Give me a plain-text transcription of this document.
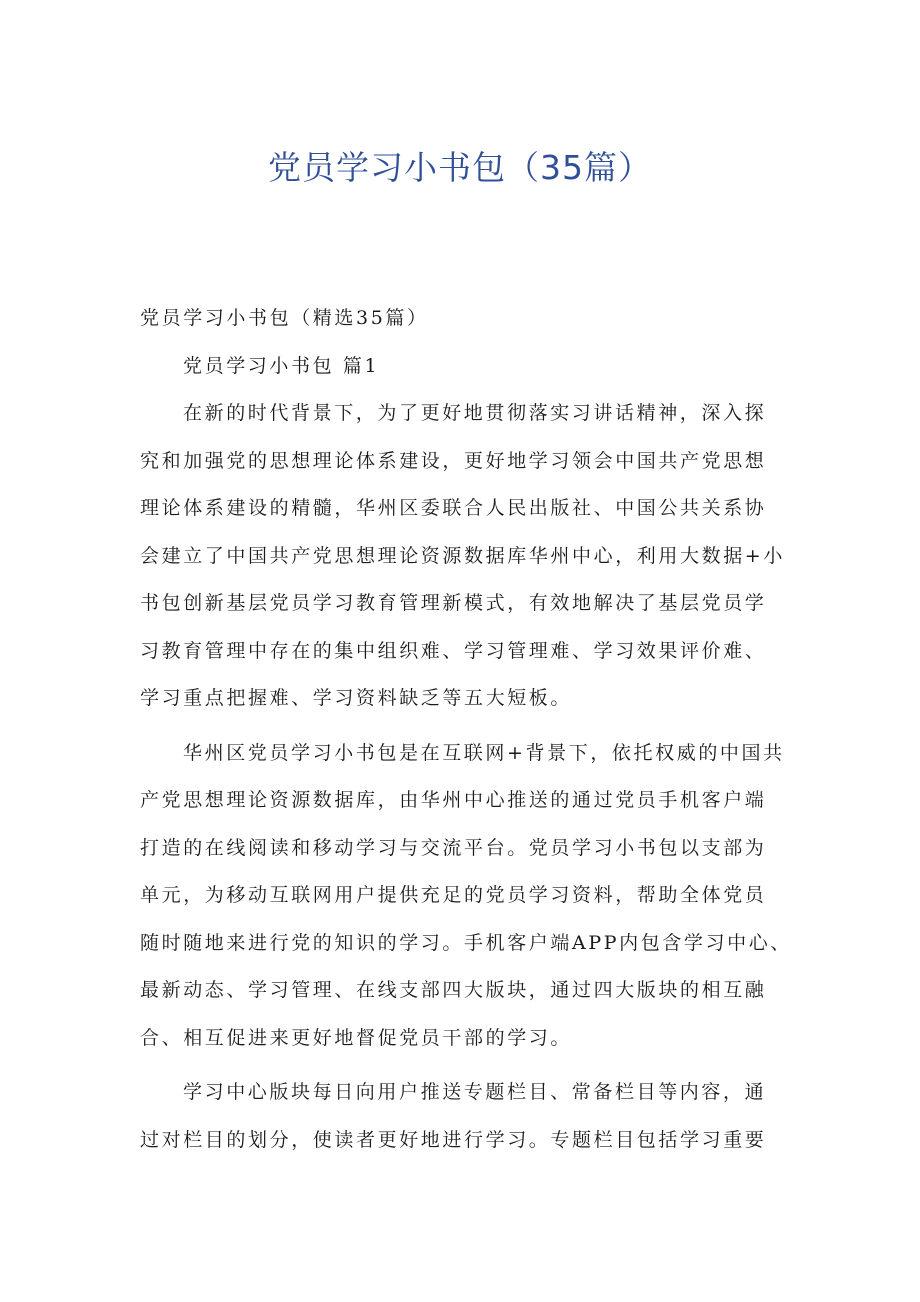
党员学习小书包（35篇）
党员学习小书包（精选35篇）
党员学习小书包 篇1
在新的时代背景下，为了更好地贯彻落实习讲话精神，深入探
究和加强党的思想理论体系建设，更好地学习领会中国共产党思想
理论体系建设的精髓，华州区委联合人民出版社、中国公共关系协
会建立了中国共产党思想理论资源数据库华州中心，利用大数据+小
书包创新基层党员学习教育管理新模式，有效地解决了基层党员学
习教育管理中存在的集中组织难、学习管理难、学习效果评价难、
学习重点把握难、学习资料缺乏等五大短板。
华州区党员学习小书包是在互联网+背景下，依托权威的中国共
产党思想理论资源数据库，由华州中心推送的通过党员手机客户端
打造的在线阅读和移动学习与交流平台。党员学习小书包以支部为
单元，为移动互联网用户提供充足的党员学习资料，帮助全体党员
随时随地来进行党的知识的学习。手机客户端APP内包含学习中心、
最新动态、学习管理、在线支部四大版块，通过四大版块的相互融
合、相互促进来更好地督促党员干部的学习。
学习中心版块每日向用户推送专题栏目、常备栏目等内容，通
过对栏目的划分，使读者更好地进行学习。专题栏目包括学习重要
